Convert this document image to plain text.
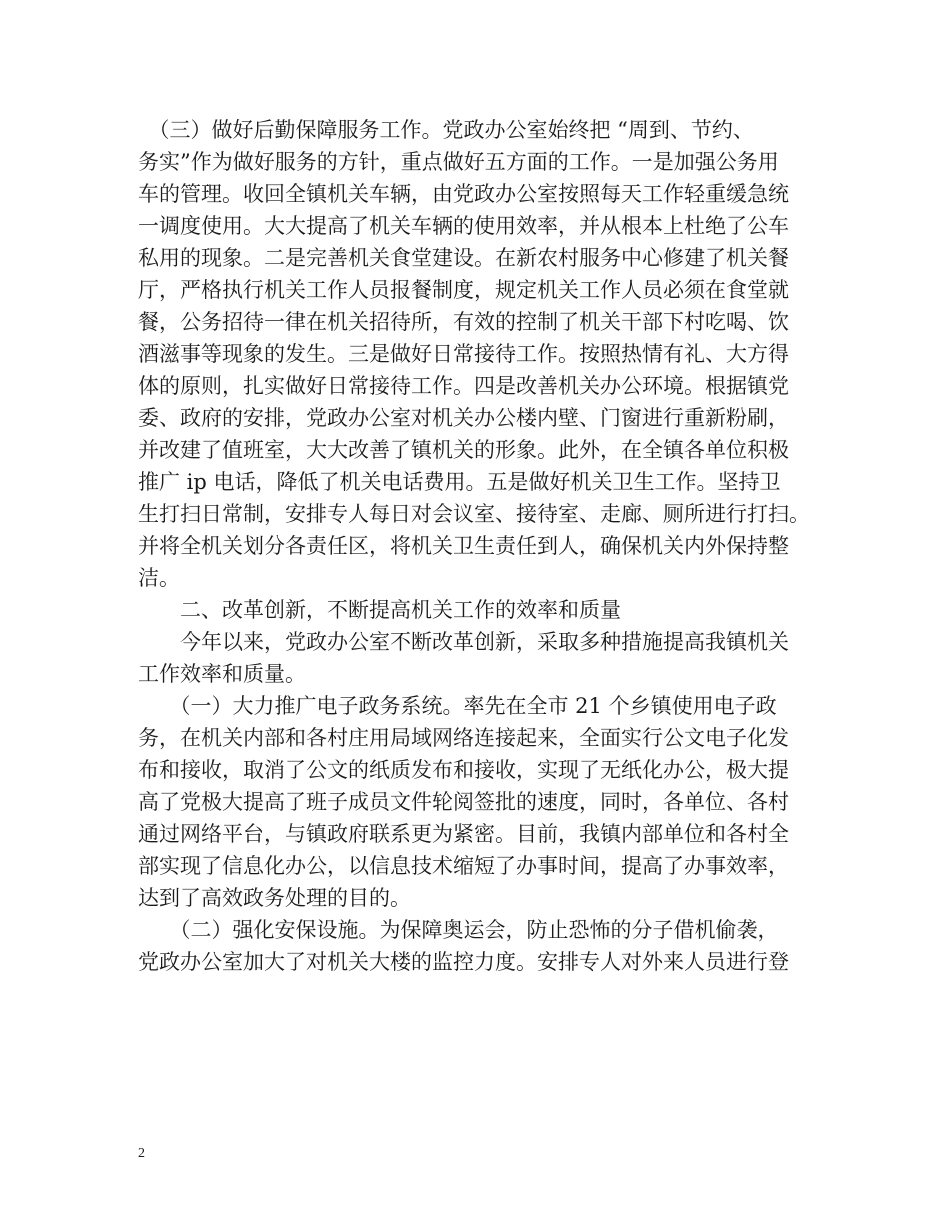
　（三）做好后勤保障服务工作。党政办公室始终把 “周到、节约、
务实”作为做好服务的方针，重点做好五方面的工作。一是加强公务用
车的管理。收回全镇机关车辆，由党政办公室按照每天工作轻重缓急统
一调度使用。大大提高了机关车辆的使用效率，并从根本上杜绝了公车
私用的现象。二是完善机关食堂建设。在新农村服务中心修建了机关餐
厅，严格执行机关工作人员报餐制度，规定机关工作人员必须在食堂就
餐，公务招待一律在机关招待所，有效的控制了机关干部下村吃喝、饮
酒滋事等现象的发生。三是做好日常接待工作。按照热情有礼、大方得
体的原则，扎实做好日常接待工作。四是改善机关办公环境。根据镇党
委、政府的安排，党政办公室对机关办公楼内壁、门窗进行重新粉刷，
并改建了值班室，大大改善了镇机关的形象。此外，在全镇各单位积极
推广 ip 电话，降低了机关电话费用。五是做好机关卫生工作。坚持卫
生打扫日常制，安排专人每日对会议室、接待室、走廊、厕所进行打扫。
并将全机关划分各责任区，将机关卫生责任到人，确保机关内外保持整
洁。
　　二、改革创新，不断提高机关工作的效率和质量
　　今年以来，党政办公室不断改革创新，采取多种措施提高我镇机关
工作效率和质量。
　　（一）大力推广电子政务系统。率先在全市 21 个乡镇使用电子政
务，在机关内部和各村庄用局域网络连接起来，全面实行公文电子化发
布和接收，取消了公文的纸质发布和接收，实现了无纸化办公，极大提
高了党极大提高了班子成员文件轮阅签批的速度，同时，各单位、各村
通过网络平台，与镇政府联系更为紧密。目前，我镇内部单位和各村全
部实现了信息化办公，以信息技术缩短了办事时间，提高了办事效率，
达到了高效政务处理的目的。
　　（二）强化安保设施。为保障奥运会，防止恐怖的分子借机偷袭，
党政办公室加大了对机关大楼的监控力度。安排专人对外来人员进行登
2
